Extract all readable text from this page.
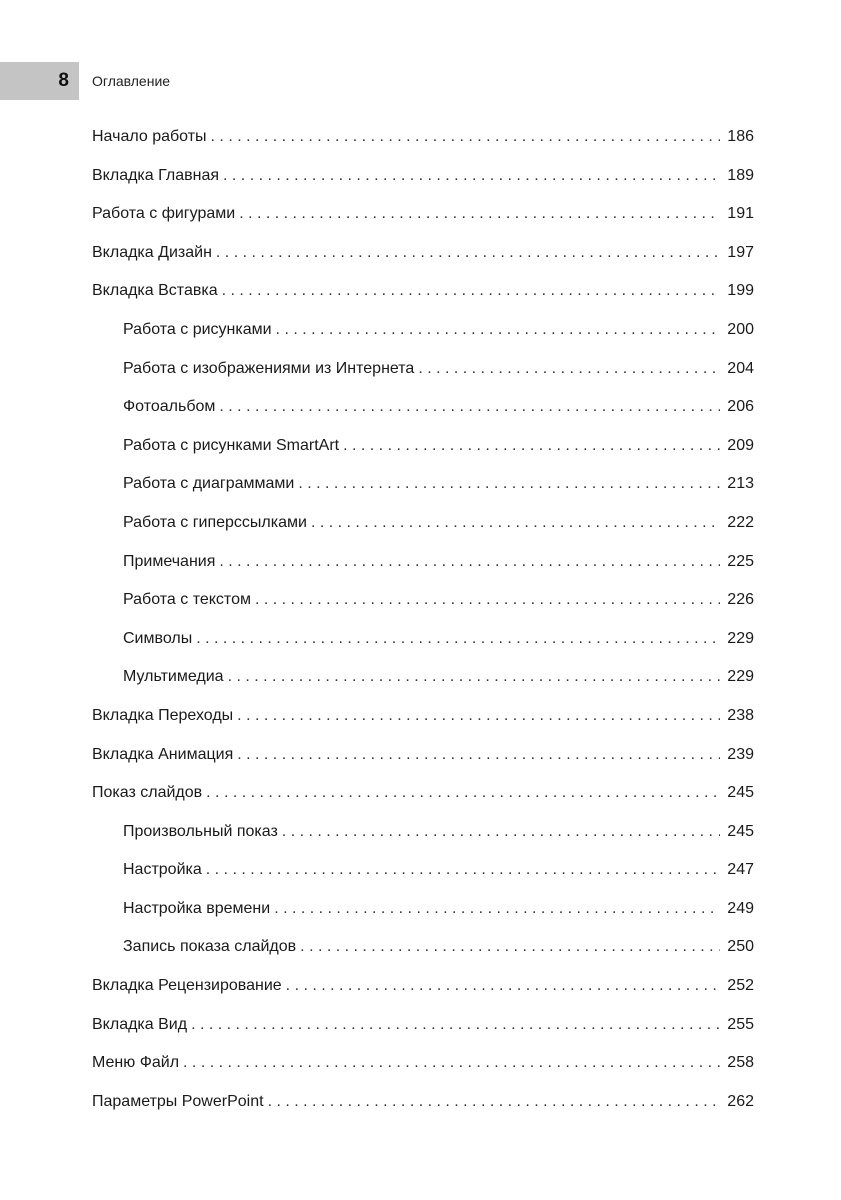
8	Оглавление
Начало работы . . .	186
Вкладка Главная . . .	189
Работа с фигурами . . .	191
Вкладка Дизайн . . .	197
Вкладка Вставка . . .	199
Работа с рисунками . . .	200
Работа с изображениями из Интернета . . .	204
Фотоальбом . . .	206
Работа с рисунками SmartArt . . .	209
Работа с диаграммами . . .	213
Работа с гиперссылками . . .	222
Примечания . . .	225
Работа с текстом . . .	226
Символы . . .	229
Мультимедиа . . .	229
Вкладка Переходы . . .	238
Вкладка Анимация . . .	239
Показ слайдов . . .	245
Произвольный показ . . .	245
Настройка . . .	247
Настройка времени . . .	249
Запись показа слайдов . . .	250
Вкладка Рецензирование . . .	252
Вкладка Вид . . .	255
Меню Файл . . .	258
Параметры PowerPoint . . .	262
